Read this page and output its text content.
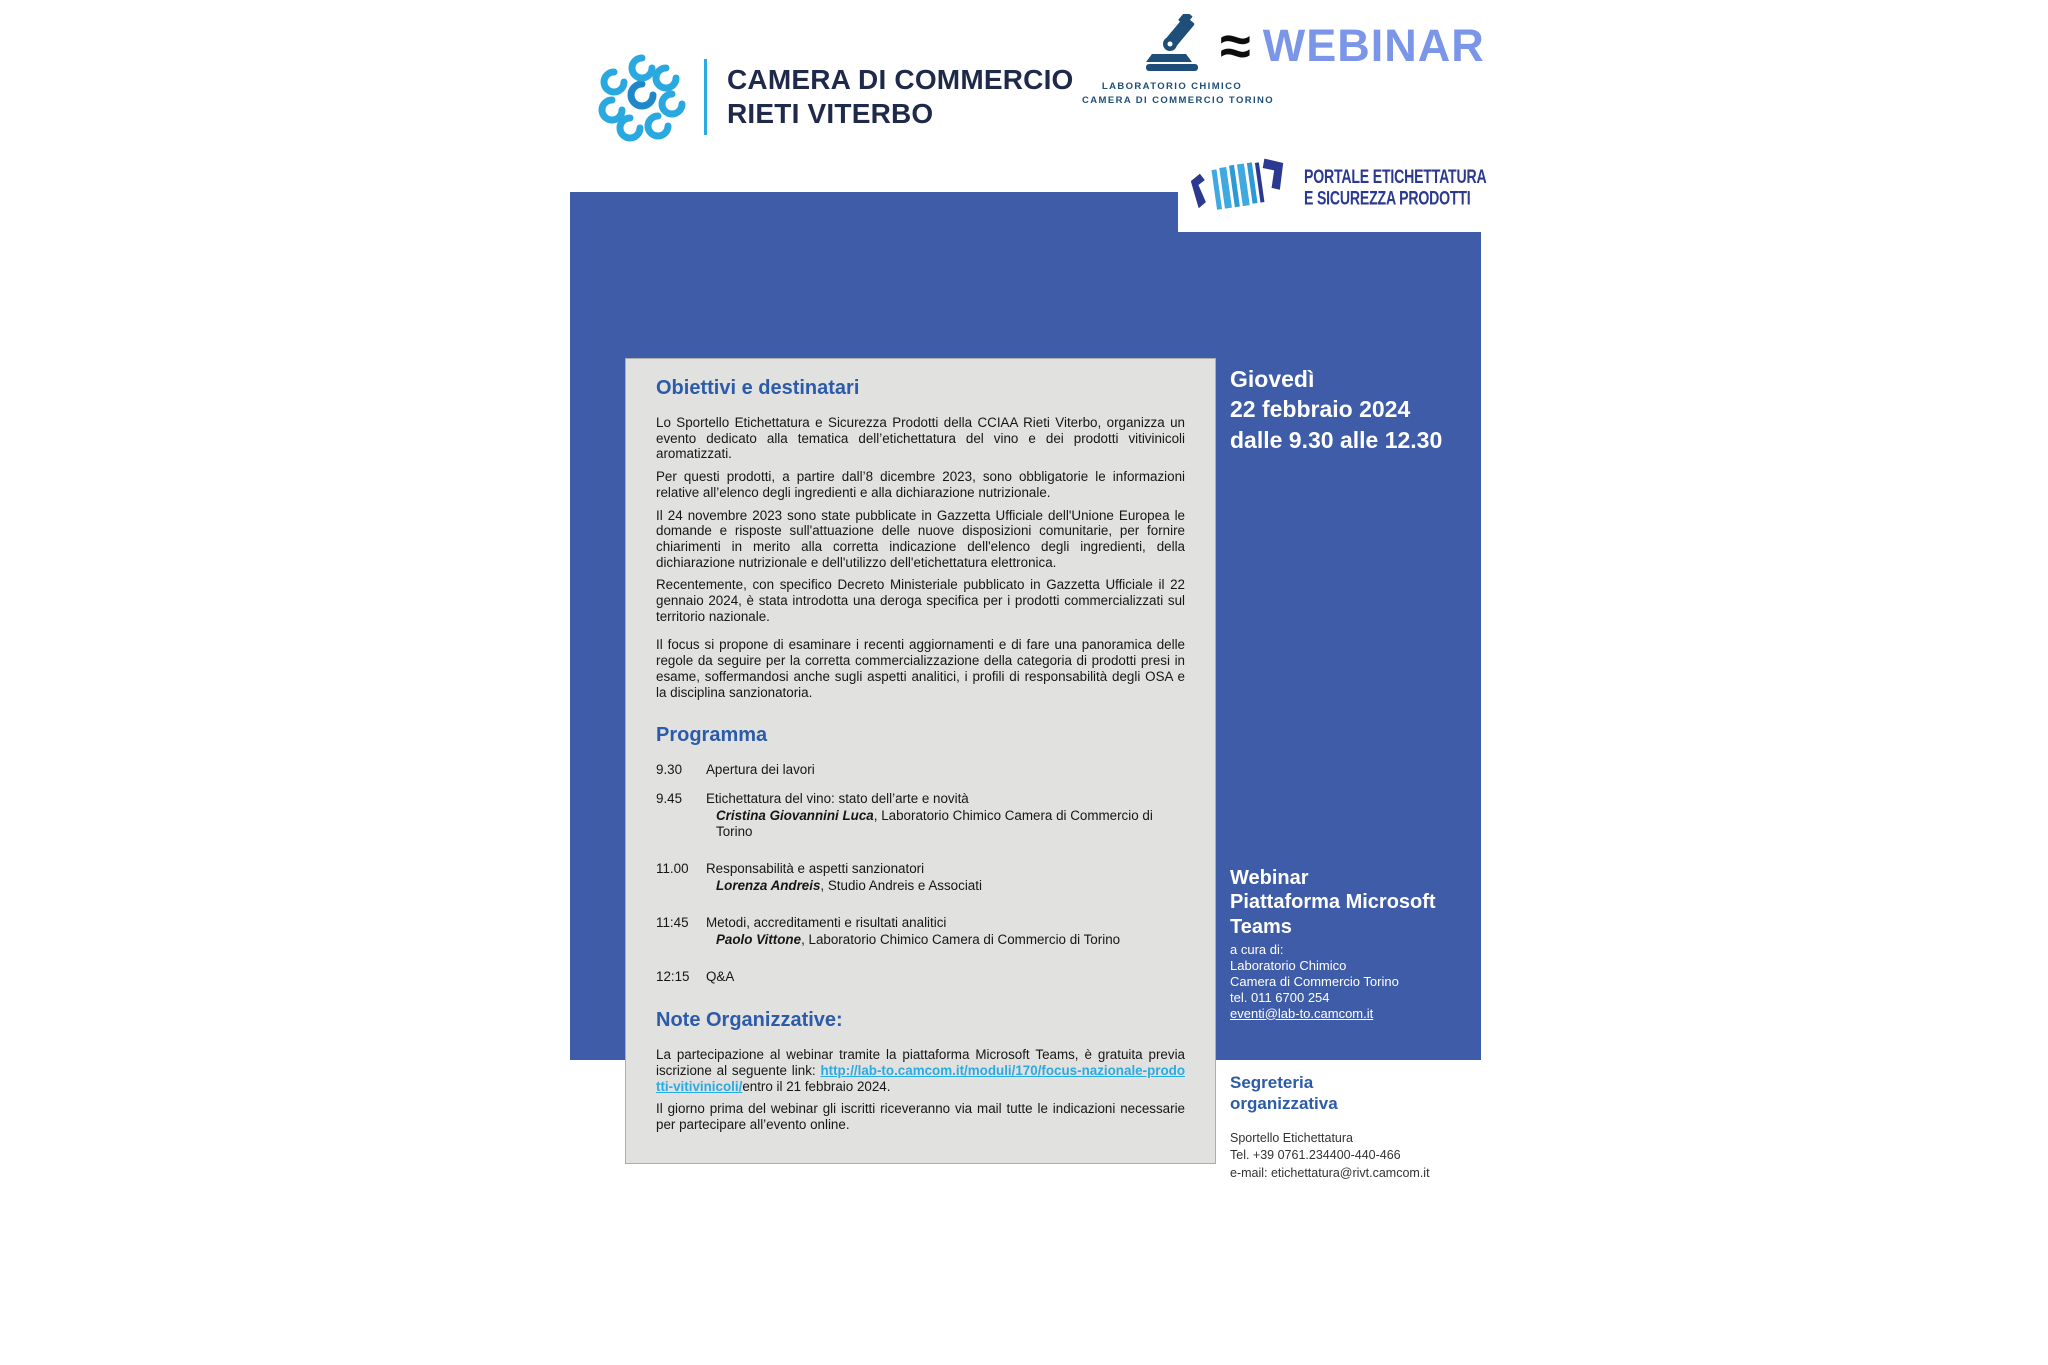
CAMERA DI COMMERCIO
RIETI VITERBO
LABORATORIO CHIMICO
CAMERA DI COMMERCIO TORINO
≈ WEBINAR
PORTALE ETICHETTATURA
E SICUREZZA PRODOTTI
Obiettivi e destinatari

Lo Sportello Etichettatura e Sicurezza Prodotti della CCIAA Rieti Viterbo, organizza un evento dedicato alla tematica dell’etichettatura del vino e dei prodotti vitivinicoli aromatizzati.

Per questi prodotti, a partire dall’8 dicembre 2023, sono obbligatorie le informazioni relative all’elenco degli ingredienti e alla dichiarazione nutrizionale.

Il 24 novembre 2023 sono state pubblicate in Gazzetta Ufficiale dell'Unione Europea le domande e risposte sull'attuazione delle nuove disposizioni comunitarie, per fornire chiarimenti in merito alla corretta indicazione dell'elenco degli ingredienti, della dichiarazione nutrizionale e dell'utilizzo dell'etichettatura elettronica.

Recentemente, con specifico Decreto Ministeriale pubblicato in Gazzetta Ufficiale il 22 gennaio 2024, è stata introdotta una deroga specifica per i prodotti commercializzati sul territorio nazionale.

Il focus si propone di esaminare i recenti aggiornamenti e di fare una panoramica delle regole da seguire per la corretta commercializzazione della categoria di prodotti presi in esame, soffermandosi anche sugli aspetti analitici, i profili di responsabilità degli OSA e la disciplina sanzionatoria.

Programma
9.30	Apertura dei lavori
9.45	Etichettatura del vino: stato dell’arte e novità
Cristina Giovannini Luca, Laboratorio Chimico Camera di Commercio di Torino
11.00	Responsabilità e aspetti sanzionatori
Lorenza Andreis, Studio Andreis e Associati
11:45	Metodi, accreditamenti e risultati analitici
Paolo Vittone, Laboratorio Chimico Camera di Commercio di Torino
12:15	Q&A
Note Organizzative:

La partecipazione al webinar tramite la piattaforma Microsoft Teams, è gratuita previa iscrizione al seguente link: http://lab-to.camcom.it/moduli/170/focus-nazionale-prodotti-vitivinicoli/entro il 21 febbraio 2024.

Il giorno prima del webinar gli iscritti riceveranno via mail tutte le indicazioni necessarie per partecipare all’evento online.

Giovedì
22 febbraio 2024
dalle 9.30 alle 12.30
Webinar
Piattaforma Microsoft
Teams
a cura di:
Laboratorio Chimico
Camera di Commercio Torino
tel. 011 6700 254
eventi@lab-to.camcom.it
Segreteria
organizzativa
Sportello Etichettatura
Tel. +39 0761.234400-440-466
e-mail: etichettatura@rivt.camcom.it
